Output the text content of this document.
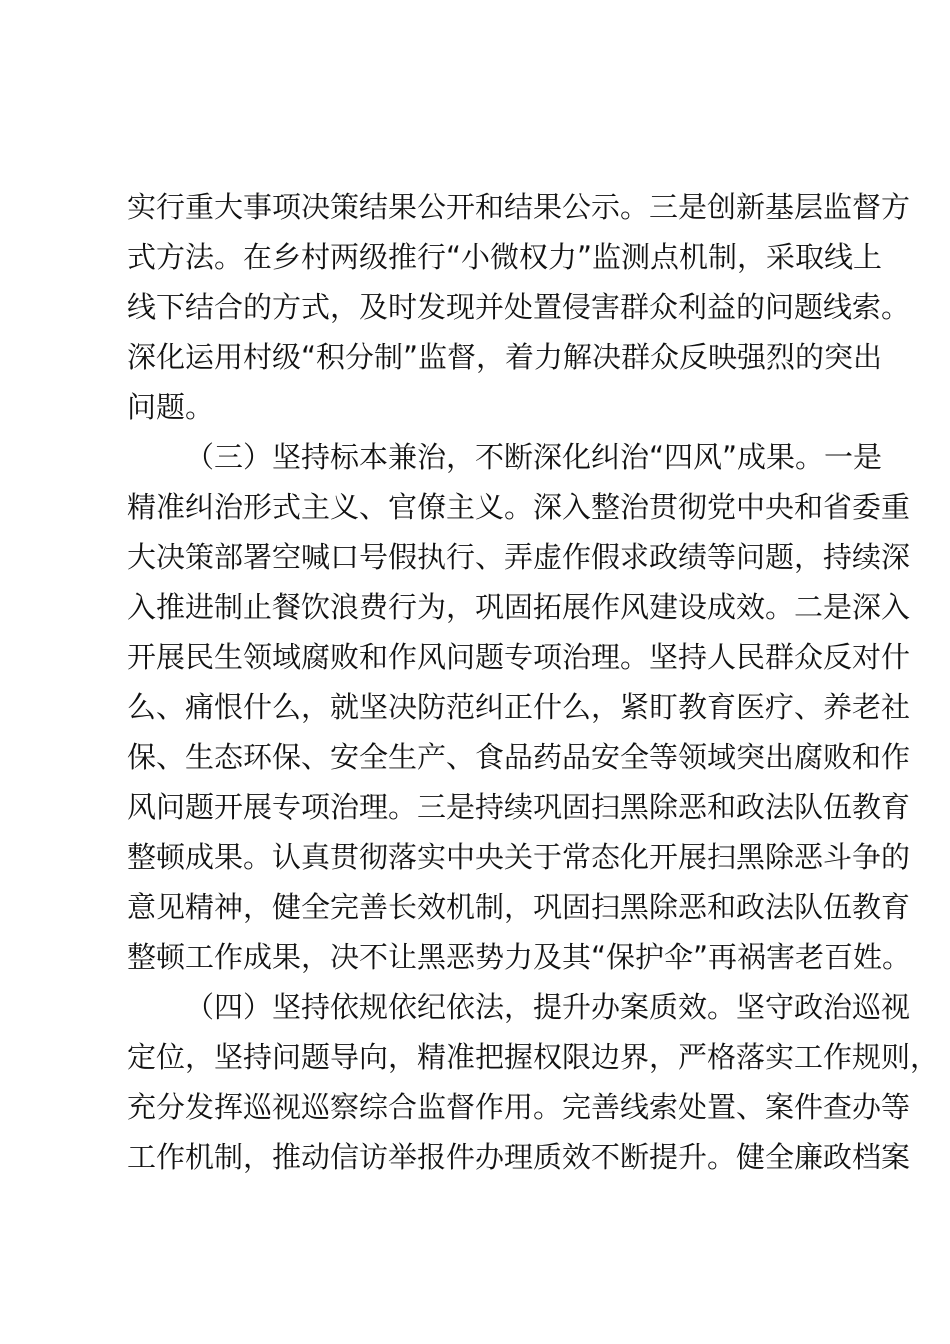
实行重大事项决策结果公开和结果公示。三是创新基层监督方

式方法。在乡村两级推行“小微权力”监测点机制，采取线上

线下结合的方式，及时发现并处置侵害群众利益的问题线索。

深化运用村级“积分制”监督，着力解决群众反映强烈的突出

问题。

（三）坚持标本兼治，不断深化纠治“四风”成果。一是

精准纠治形式主义、官僚主义。深入整治贯彻党中央和省委重

大决策部署空喊口号假执行、弄虚作假求政绩等问题，持续深

入推进制止餐饮浪费行为，巩固拓展作风建设成效。二是深入

开展民生领域腐败和作风问题专项治理。坚持人民群众反对什

么、痛恨什么，就坚决防范纠正什么，紧盯教育医疗、养老社

保、生态环保、安全生产、食品药品安全等领域突出腐败和作

风问题开展专项治理。三是持续巩固扫黑除恶和政法队伍教育

整顿成果。认真贯彻落实中央关于常态化开展扫黑除恶斗争的

意见精神，健全完善长效机制，巩固扫黑除恶和政法队伍教育

整顿工作成果，决不让黑恶势力及其“保护伞”再祸害老百姓。

（四）坚持依规依纪依法，提升办案质效。坚守政治巡视

定位，坚持问题导向，精准把握权限边界，严格落实工作规则，

充分发挥巡视巡察综合监督作用。完善线索处置、案件查办等

工作机制，推动信访举报件办理质效不断提升。健全廉政档案
